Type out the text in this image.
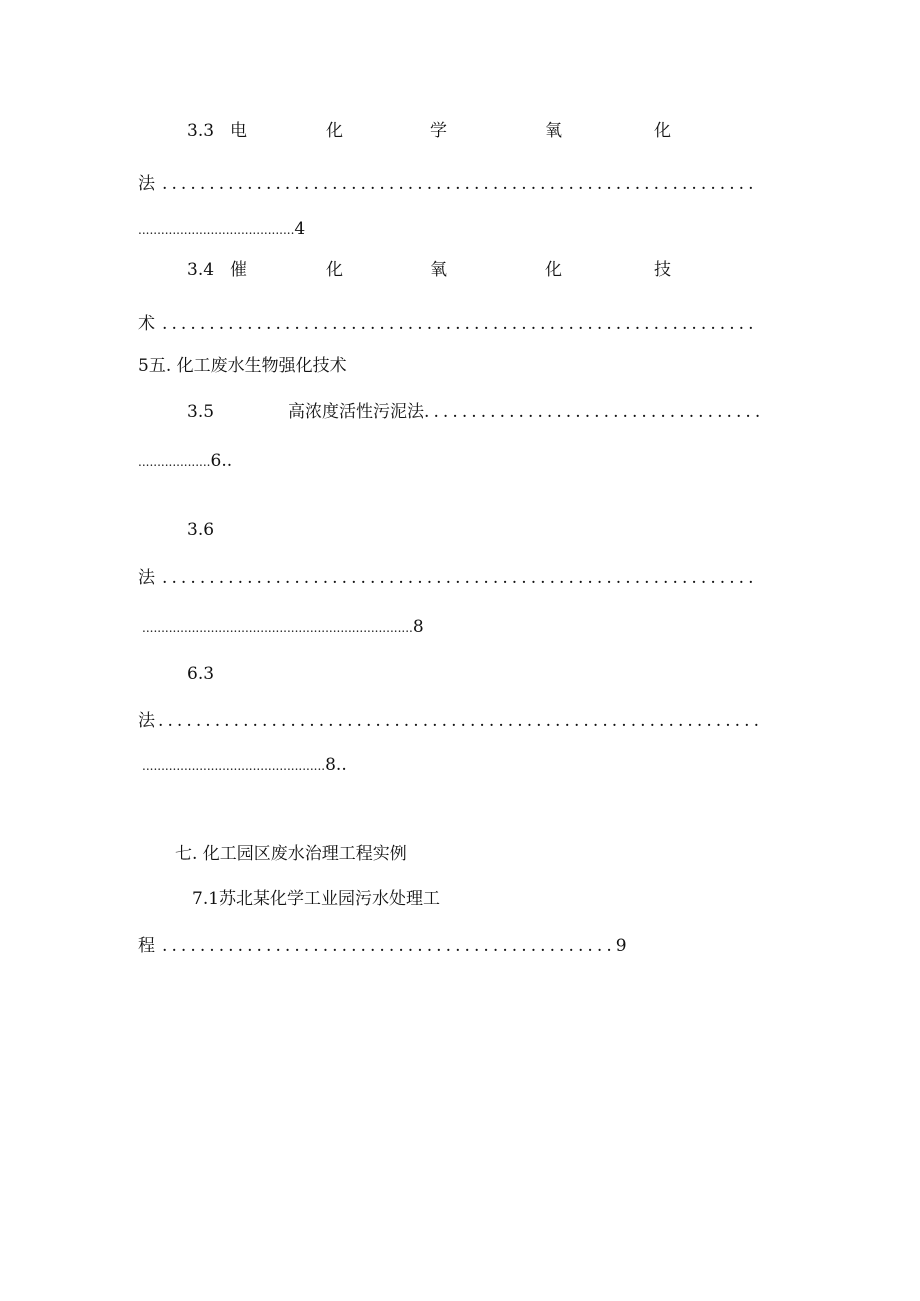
3.3 电	化	学	氧	化
法 ...............................................................
.........................................4
3.4 催	化	氧	化	技
术 ...............................................................
5五. 化工废水生物强化技术
3.5	高浓度活性污泥法....................................
...................6..
3.6
法 ...............................................................
.......................................................................8
6.3
法 ................................................................
................................................8..
七. 化工园区废水治理工程实例
7.1苏北某化学工业园污水处理工
程 ................................................9
